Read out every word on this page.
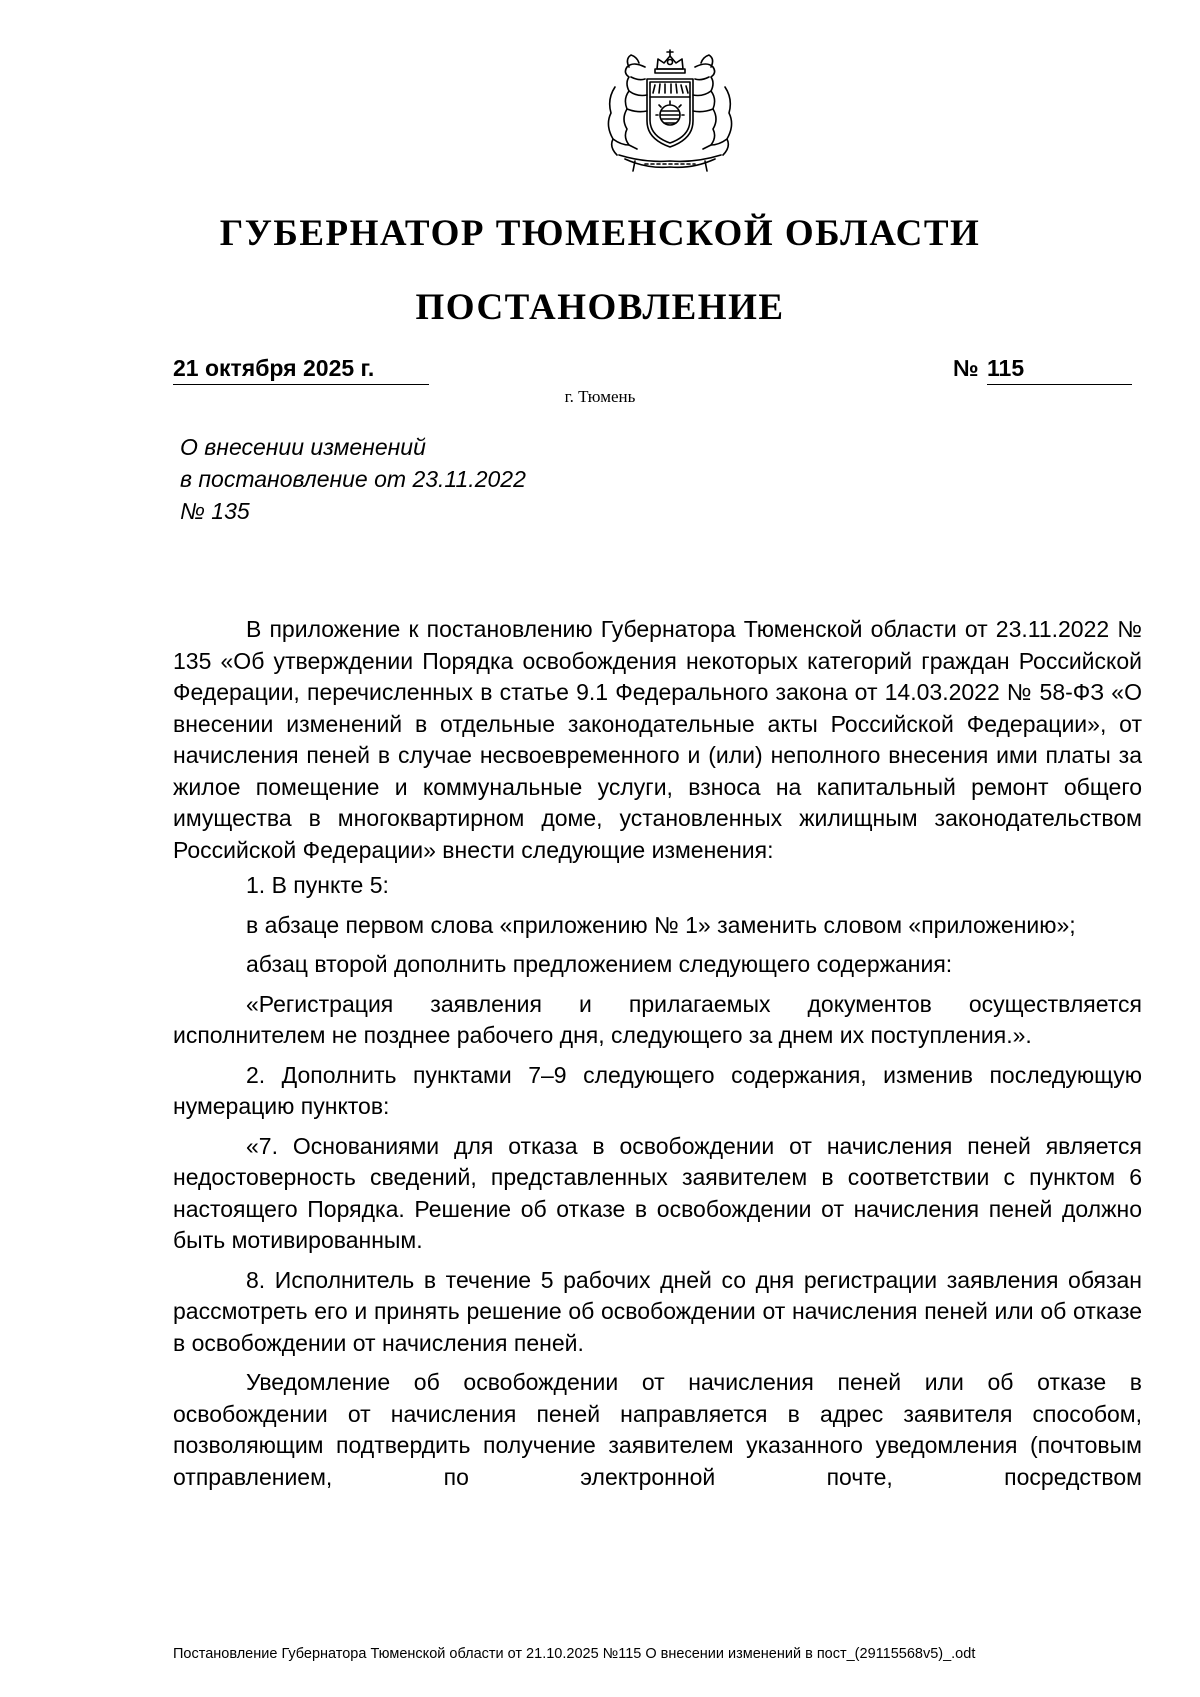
ГУБЕРНАТОР ТЮМЕНСКОЙ ОБЛАСТИ
ПОСТАНОВЛЕНИЕ
21 октября 2025 г.	№ 115
г. Тюмень
О внесении изменений
в постановление от 23.11.2022
№ 135

В приложение к постановлению Губернатора Тюменской области от 23.11.2022 № 135 «Об утверждении Порядка освобождения некоторых категорий граждан Российской Федерации, перечисленных в статье 9.1 Федерального закона от 14.03.2022 № 58-ФЗ «О внесении изменений в отдельные законодательные акты Российской Федерации», от начисления пеней в случае несвоевременного и (или) неполного внесения ими платы за жилое помещение и коммунальные услуги, взноса на капитальный ремонт общего имущества в многоквартирном доме, установленных жилищным законодательством Российской Федерации» внести следующие изменения:

1. В пункте 5:

в абзаце первом слова «приложению № 1» заменить словом «приложению»;

абзац второй дополнить предложением следующего содержания:

«Регистрация заявления и прилагаемых документов осуществляется исполнителем не позднее рабочего дня, следующего за днем их поступления.».

2. Дополнить пунктами 7–9 следующего содержания, изменив последующую нумерацию пунктов:

«7. Основаниями для отказа в освобождении от начисления пеней является недостоверность сведений, представленных заявителем в соответствии с пунктом 6 настоящего Порядка. Решение об отказе в освобождении от начисления пеней должно быть мотивированным.

8. Исполнитель в течение 5 рабочих дней со дня регистрации заявления обязан рассмотреть его и принять решение об освобождении от начисления пеней или об отказе в освобождении от начисления пеней.

Уведомление об освобождении от начисления пеней или об отказе в освобождении от начисления пеней направляется в адрес заявителя способом, позволяющим подтвердить получение заявителем указанного уведомления (почтовым отправлением, по электронной почте, посредством

Постановление Губернатора Тюменской области от 21.10.2025 №115 О внесении изменений в пост_(29115568v5)_.odt
